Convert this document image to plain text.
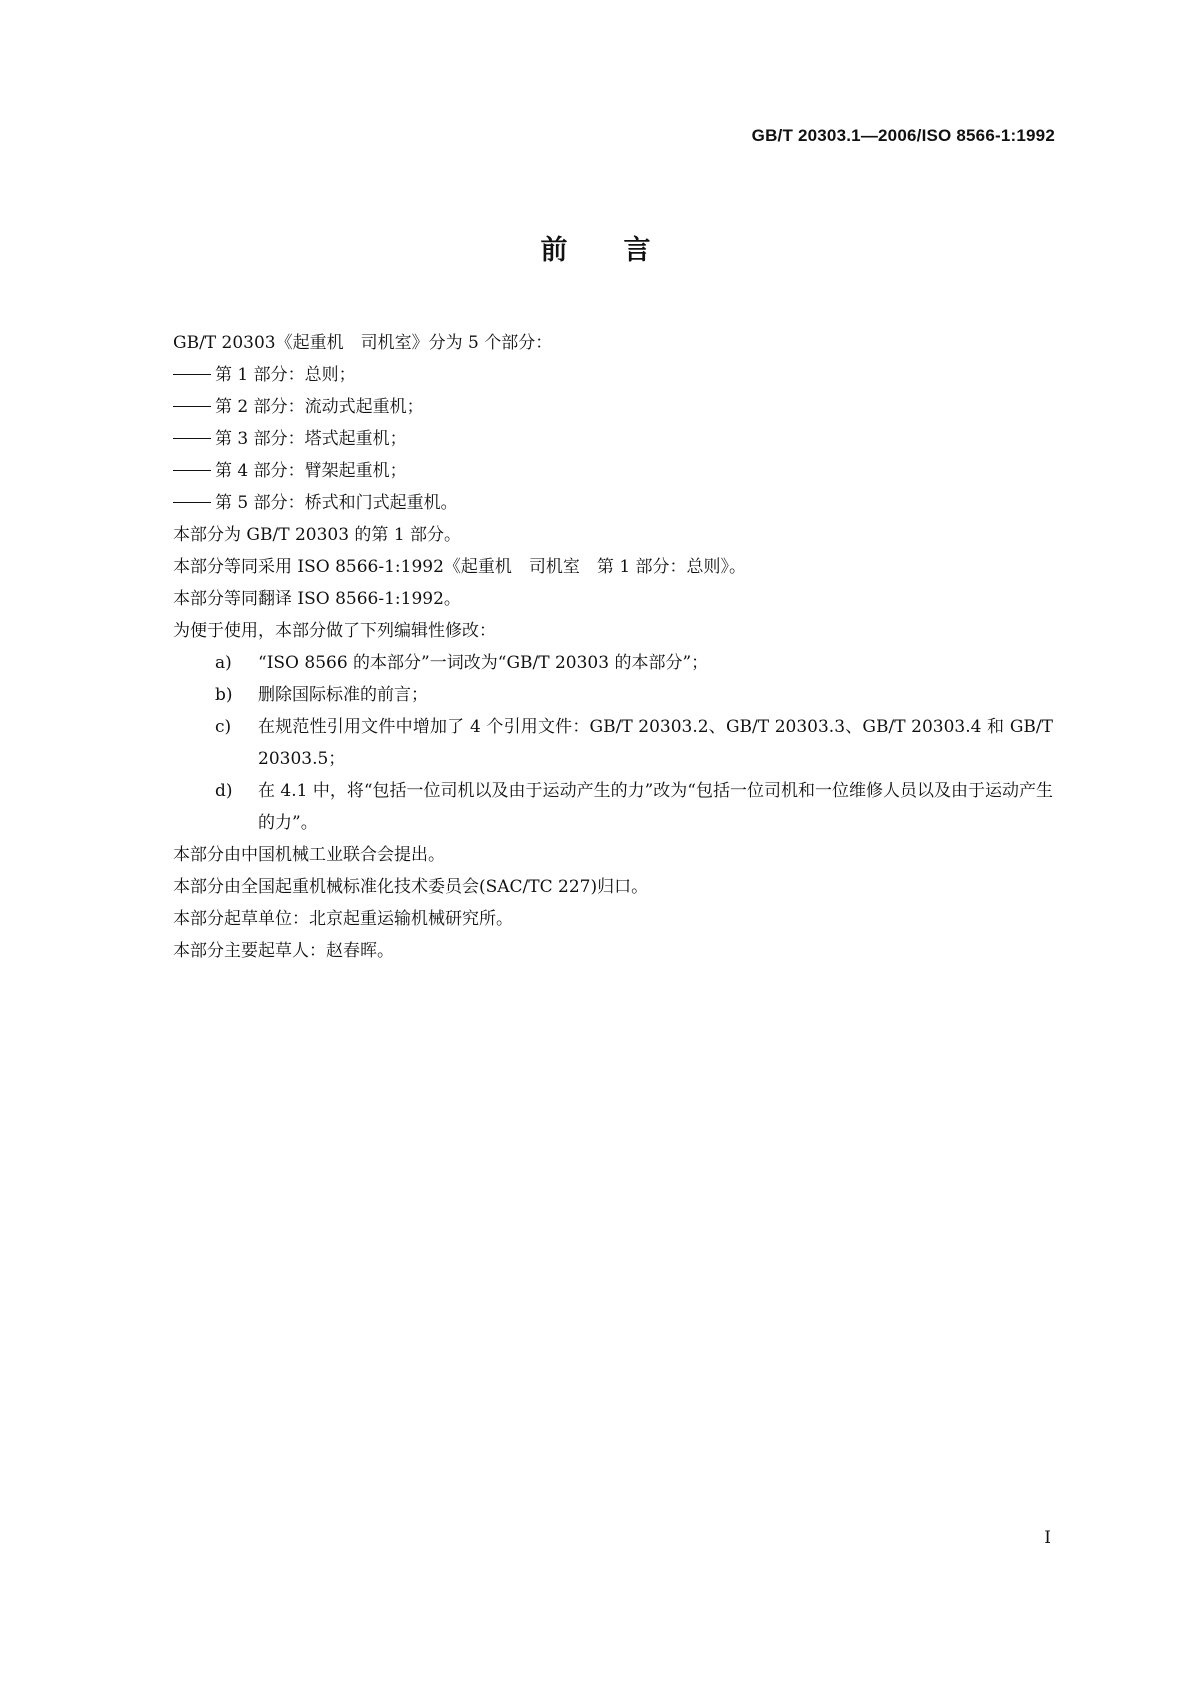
GB/T 20303.1—2006/ISO 8566-1:1992
前言
GB/T 20303《起重机　司机室》分为 5 个部分：
第 1 部分：总则；
第 2 部分：流动式起重机；
第 3 部分：塔式起重机；
第 4 部分：臂架起重机；
第 5 部分：桥式和门式起重机。
本部分为 GB/T 20303 的第 1 部分。
本部分等同采用 ISO 8566-1:1992《起重机　司机室　第 1 部分：总则》。
本部分等同翻译 ISO 8566-1:1992。
为便于使用，本部分做了下列编辑性修改：
a) “ISO 8566 的本部分”一词改为“GB/T 20303 的本部分”；
b) 删除国际标准的前言；
c) 在规范性引用文件中增加了 4 个引用文件：GB/T 20303.2、GB/T 20303.3、GB/T 20303.4 和 GB/T 20303.5；
d) 在 4.1 中，将“包括一位司机以及由于运动产生的力”改为“包括一位司机和一位维修人员以及由于运动产生的力”。
本部分由中国机械工业联合会提出。
本部分由全国起重机械标准化技术委员会(SAC/TC 227)归口。
本部分起草单位：北京起重运输机械研究所。
本部分主要起草人：赵春晖。
I
